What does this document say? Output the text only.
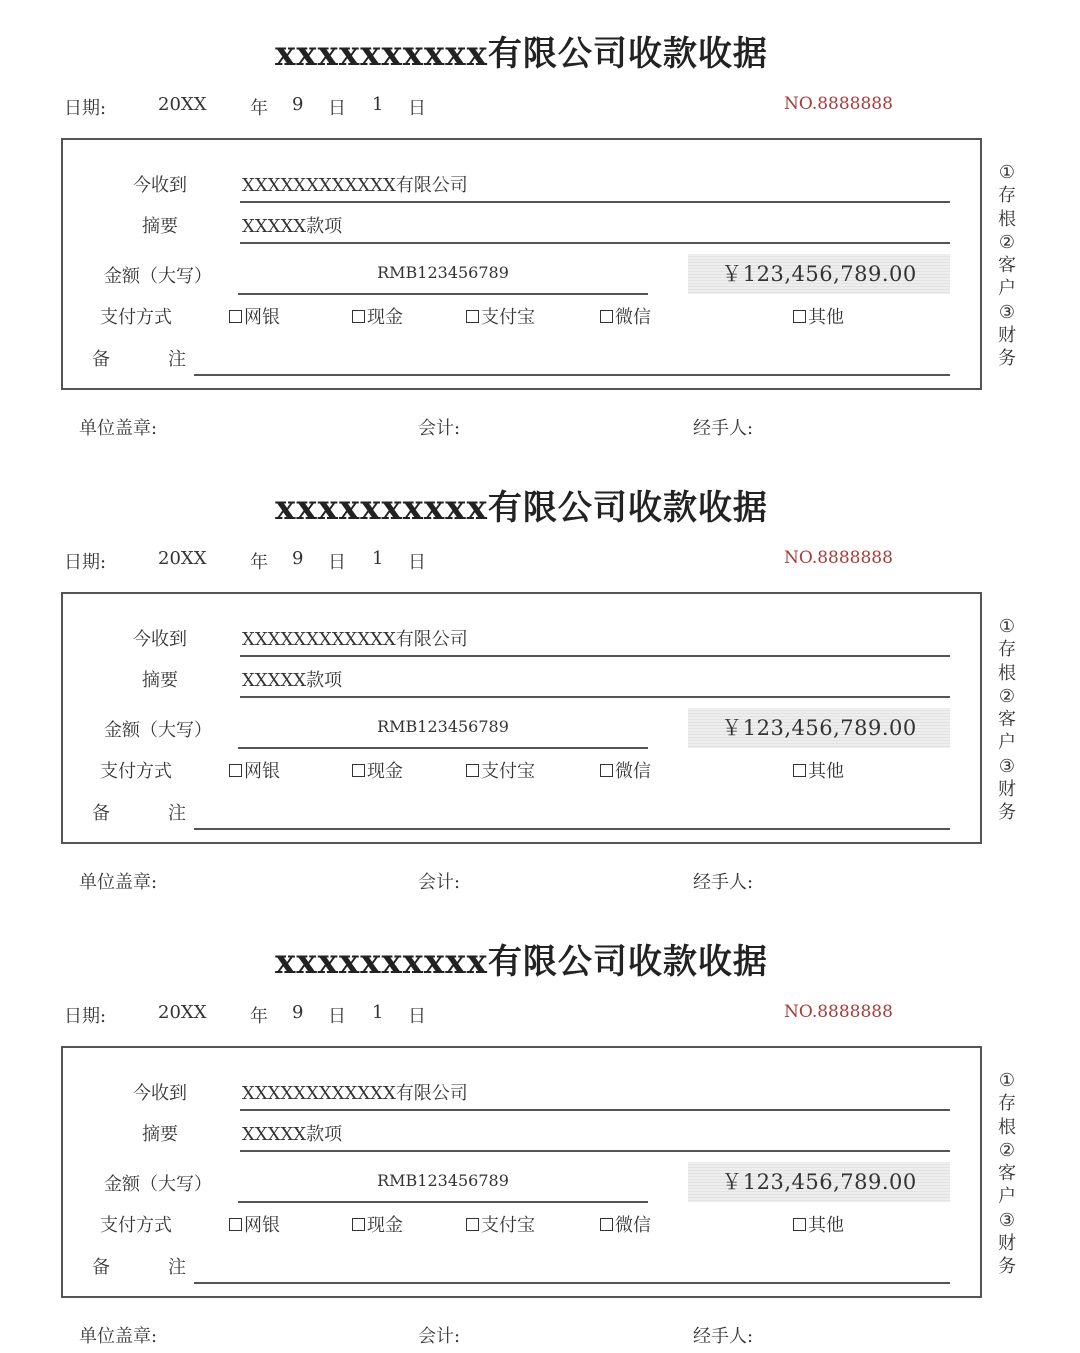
xxxxxxxxxx有限公司收款收据
日期:	20XX 年 9 日 1 日	NO.8888888
今收到	XXXXXXXXXXXX有限公司
摘要	XXXXX款项
金额（大写）	RMB123456789	￥123,456,789.00
支付方式	网银	现金	支付宝	微信	其他
备	注
①
存
根
②
客
户
③
财
务
单位盖章:	会计:	经手人:
xxxxxxxxxx有限公司收款收据
日期:	20XX 年 9 日 1 日	NO.8888888
今收到	XXXXXXXXXXXX有限公司
摘要	XXXXX款项
金额（大写）	RMB123456789	￥123,456,789.00
支付方式	网银	现金	支付宝	微信	其他
备	注
①
存
根
②
客
户
③
财
务
单位盖章:	会计:	经手人:
xxxxxxxxxx有限公司收款收据
日期:	20XX 年 9 日 1 日	NO.8888888
今收到	XXXXXXXXXXXX有限公司
摘要	XXXXX款项
金额（大写）	RMB123456789	￥123,456,789.00
支付方式	网银	现金	支付宝	微信	其他
备	注
①
存
根
②
客
户
③
财
务
单位盖章:	会计:	经手人:
